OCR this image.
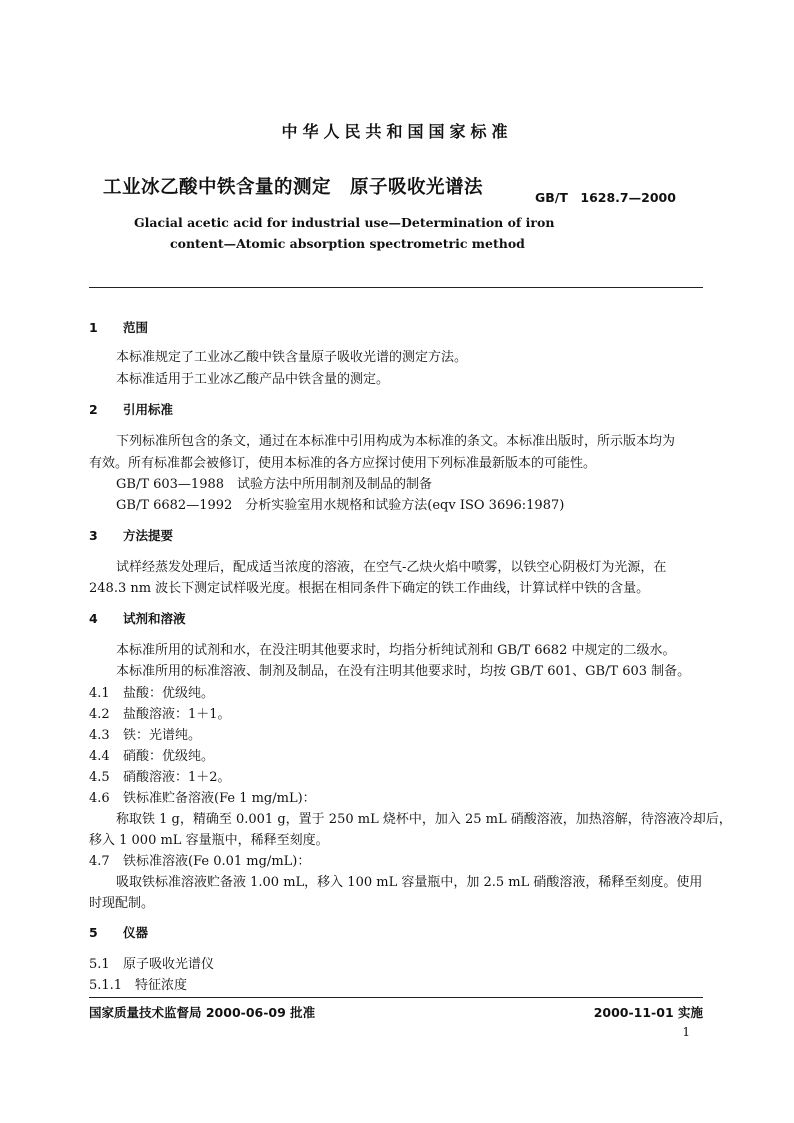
中华人民共和国国家标准
工业冰乙酸中铁含量的测定　原子吸收光谱法	GB/T　1628.7—2000
Glacial acetic acid for industrial use—Determination of iron
content—Atomic absorption spectrometric method
1 范围
本标准规定了工业冰乙酸中铁含量原子吸收光谱的测定方法。
本标准适用于工业冰乙酸产品中铁含量的测定。
2 引用标准
下列标准所包含的条文，通过在本标准中引用构成为本标准的条文。本标准出版时，所示版本均为
有效。所有标准都会被修订，使用本标准的各方应探讨使用下列标准最新版本的可能性。
GB/T 603—1988　试验方法中所用制剂及制品的制备
GB/T 6682—1992　分析实验室用水规格和试验方法(eqv ISO 3696:1987)
3 方法提要
试样经蒸发处理后，配成适当浓度的溶液，在空气-乙炔火焰中喷雾，以铁空心阴极灯为光源，在
248.3 nm 波长下测定试样吸光度。根据在相同条件下确定的铁工作曲线，计算试样中铁的含量。
4 试剂和溶液
本标准所用的试剂和水，在没注明其他要求时，均指分析纯试剂和 GB/T 6682 中规定的二级水。
本标准所用的标准溶液、制剂及制品，在没有注明其他要求时，均按 GB/T 601、GB/T 603 制备。
4.1 盐酸：优级纯。
4.2 盐酸溶液：1＋1。
4.3 铁：光谱纯。
4.4 硝酸：优级纯。
4.5 硝酸溶液：1＋2。
4.6 铁标准贮备溶液(Fe 1 mg/mL)：
称取铁 1 g，精确至 0.001 g，置于 250 mL 烧杯中，加入 25 mL 硝酸溶液，加热溶解，待溶液冷却后，
移入 1 000 mL 容量瓶中，稀释至刻度。
4.7 铁标准溶液(Fe 0.01 mg/mL)：
吸取铁标准溶液贮备液 1.00 mL，移入 100 mL 容量瓶中，加 2.5 mL 硝酸溶液，稀释至刻度。使用
时现配制。
5 仪器
5.1 原子吸收光谱仪
5.1.1 特征浓度
国家质量技术监督局 2000-06-09 批准	2000-11-01 实施
1
